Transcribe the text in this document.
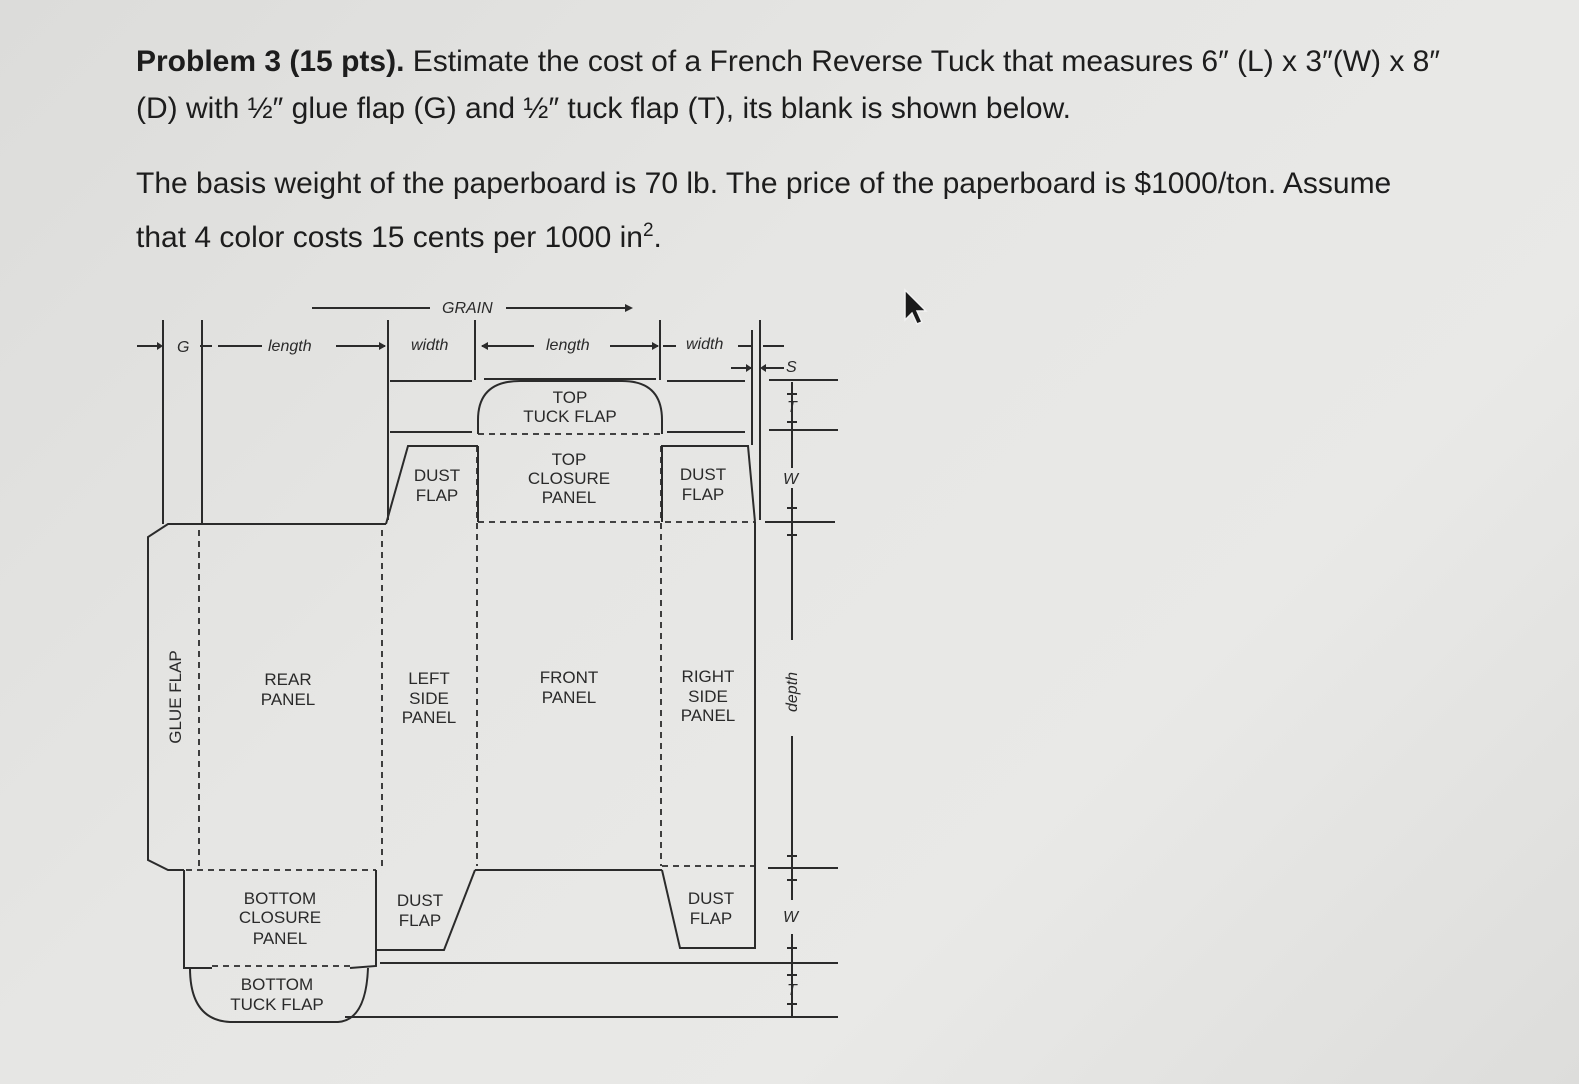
Problem 3 (15 pts). Estimate the cost of a French Reverse Tuck that measures 6″ (L) x 3″(W) x 8″
(D) with ½″ glue flap (G) and ½″ tuck flap (T), its blank is shown below.

The basis weight of the paperboard is 70 lb. The price of the paperboard is $1000/ton. Assume
that 4 color costs 15 cents per 1000 $in^2$.

GRAIN
G	length	width	length	width
S
T
W
depth
W
T
TOP
TUCK FLAP
TOP
CLOSURE
PANEL
DUST
FLAP
DUST
FLAP
GLUE FLAP	REAR
PANEL
LEFT
SIDE
PANEL
FRONT
PANEL
RIGHT
SIDE
PANEL
BOTTOM
CLOSURE
PANEL
DUST
FLAP
DUST
FLAP
BOTTOM
TUCK FLAP
